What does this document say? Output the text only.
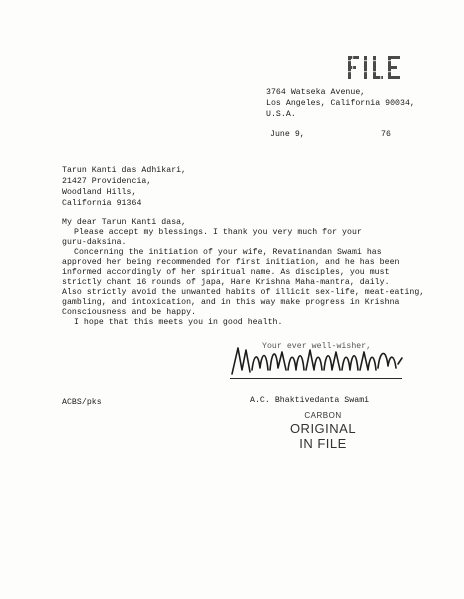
3764 Watseka Avenue,
Los Angeles, California 90034,
U.S.A.
June 9,	76
Tarun Kanti das Adhikari,
21427 Providencia,
Woodland Hills,
California 91364
My dear Tarun Kanti dasa,
Please accept my blessings. I thank you very much for your
guru-daksina.
Concerning the initiation of your wife, Revatinandan Swami has
approved her being recommended for first initiation, and he has been
informed accordingly of her spiritual name. As disciples, you must
strictly chant 16 rounds of japa, Hare Krishna Maha-mantra, daily.
Also strictly avoid the unwanted habits of illicit sex-life, meat-eating,
gambling, and intoxication, and in this way make progress in Krishna
Consciousness and be happy.
I hope that this meets you in good health.
Your ever well-wisher,
A.C. Bhaktivedanta Swami
ACBS/pks
CARBON
ORIGINAL
IN FILE
